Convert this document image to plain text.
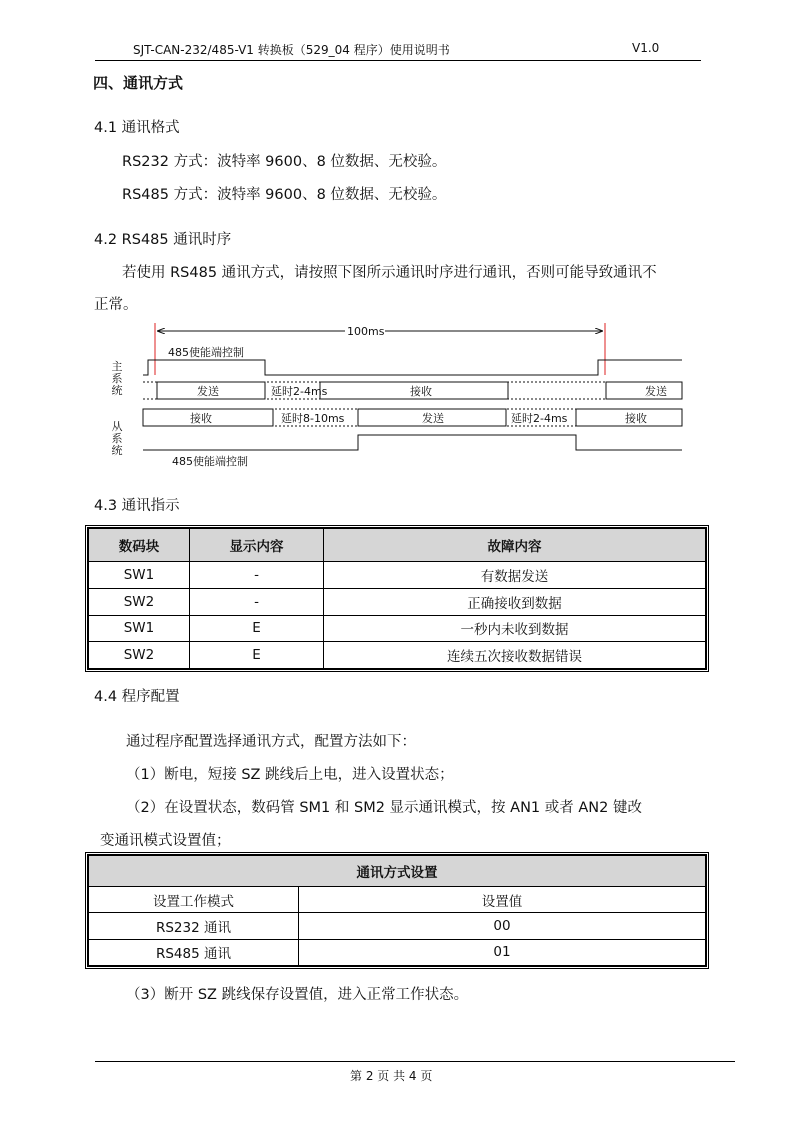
SJT-CAN-232/485-V1 转换板（529_04 程序）使用说明书	V1.0
四、通讯方式
4.1 通讯格式
RS232 方式：波特率 9600、8 位数据、无校验。
RS485 方式：波特率 9600、8 位数据、无校验。
4.2 RS485 通讯时序
若使用 RS485 通讯方式，请按照下图所示通讯时序进行通讯，否则可能导致通讯不
正常。
100ms
485使能端控制
发送	延时2-4ms	接收	发送
接收	延时8-10ms	发送	延时2-4ms	接收
485使能端控制
主系统
从系统
4.3 通讯指示
数码块	显示内容	故障内容
SW1	-	有数据发送
SW2	-	正确接收到数据
SW1	E	一秒内未收到数据
SW2	E	连续五次接收数据错误
4.4 程序配置
通过程序配置选择通讯方式，配置方法如下：
（1）断电，短接 SZ 跳线后上电，进入设置状态；
（2）在设置状态，数码管 SM1 和 SM2 显示通讯模式，按 AN1 或者 AN2 键改
变通讯模式设置值；
通讯方式设置	
设置工作模式	设置值
RS232 通讯	00
RS485 通讯	01
（3）断开 SZ 跳线保存设置值，进入正常工作状态。
第 2 页 共 4 页
